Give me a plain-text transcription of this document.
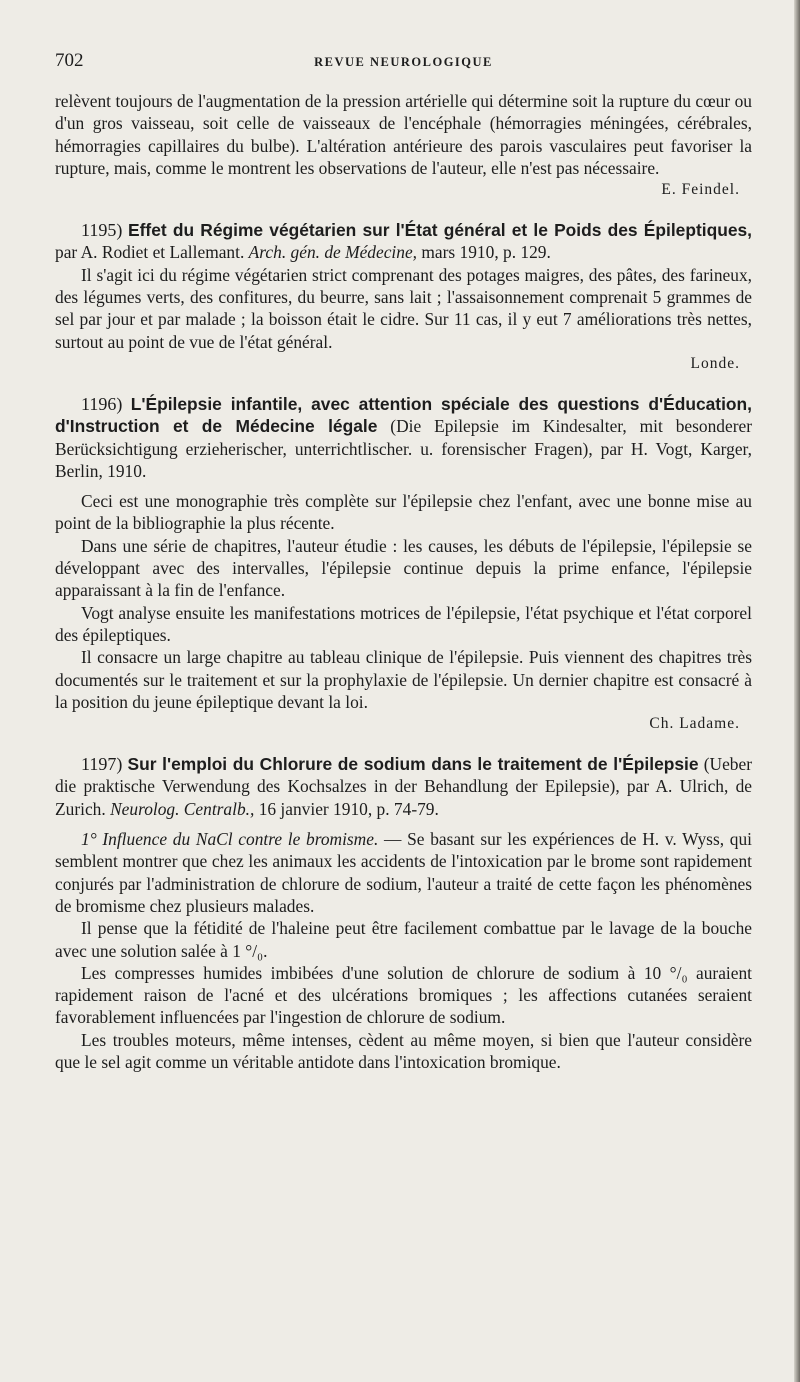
702	REVUE NEUROLOGIQUE

relèvent toujours de l'augmentation de la pression artérielle qui détermine soit la rupture du cœur ou d'un gros vaisseau, soit celle de vaisseaux de l'encéphale (hémorragies méningées, cérébrales, hémorragies capillaires du bulbe). L'altération antérieure des parois vasculaires peut favoriser la rupture, mais, comme le montrent les observations de l'auteur, elle n'est pas nécessaire.

E. Feindel.

1195) Effet du Régime végétarien sur l'État général et le Poids des Épileptiques, par A. Rodiet et Lallemant. Arch. gén. de Médecine, mars 1910, p. 129.

Il s'agit ici du régime végétarien strict comprenant des potages maigres, des pâtes, des farineux, des légumes verts, des confitures, du beurre, sans lait ; l'assaisonnement comprenait 5 grammes de sel par jour et par malade ; la boisson était le cidre. Sur 11 cas, il y eut 7 améliorations très nettes, surtout au point de vue de l'état général.

Londe.

1196) L'Épilepsie infantile, avec attention spéciale des questions d'Éducation, d'Instruction et de Médecine légale (Die Epilepsie im Kindesalter, mit besonderer Berücksichtigung erzieherischer, unterrichtlischer. u. forensischer Fragen), par H. Vogt, Karger, Berlin, 1910.

Ceci est une monographie très complète sur l'épilepsie chez l'enfant, avec une bonne mise au point de la bibliographie la plus récente.

Dans une série de chapitres, l'auteur étudie : les causes, les débuts de l'épilepsie, l'épilepsie se développant avec des intervalles, l'épilepsie continue depuis la prime enfance, l'épilepsie apparaissant à la fin de l'enfance.

Vogt analyse ensuite les manifestations motrices de l'épilepsie, l'état psychique et l'état corporel des épileptiques.

Il consacre un large chapitre au tableau clinique de l'épilepsie. Puis viennent des chapitres très documentés sur le traitement et sur la prophylaxie de l'épilepsie. Un dernier chapitre est consacré à la position du jeune épileptique devant la loi.

Ch. Ladame.

1197) Sur l'emploi du Chlorure de sodium dans le traitement de l'Épilepsie (Ueber die praktische Verwendung des Kochsalzes in der Behandlung der Epilepsie), par A. Ulrich, de Zurich. Neurolog. Centralb., 16 janvier 1910, p. 74-79.

1° Influence du NaCl contre le bromisme. — Se basant sur les expériences de H. v. Wyss, qui semblent montrer que chez les animaux les accidents de l'intoxication par le brome sont rapidement conjurés par l'administration de chlorure de sodium, l'auteur a traité de cette façon les phénomènes de bromisme chez plusieurs malades.

Il pense que la fétidité de l'haleine peut être facilement combattue par le lavage de la bouche avec une solution salée à 1 °/₀.

Les compresses humides imbibées d'une solution de chlorure de sodium à 10 °/₀ auraient rapidement raison de l'acné et des ulcérations bromiques ; les affections cutanées seraient favorablement influencées par l'ingestion de chlorure de sodium.

Les troubles moteurs, même intenses, cèdent au même moyen, si bien que l'auteur considère que le sel agit comme un véritable antidote dans l'intoxication bromique.
